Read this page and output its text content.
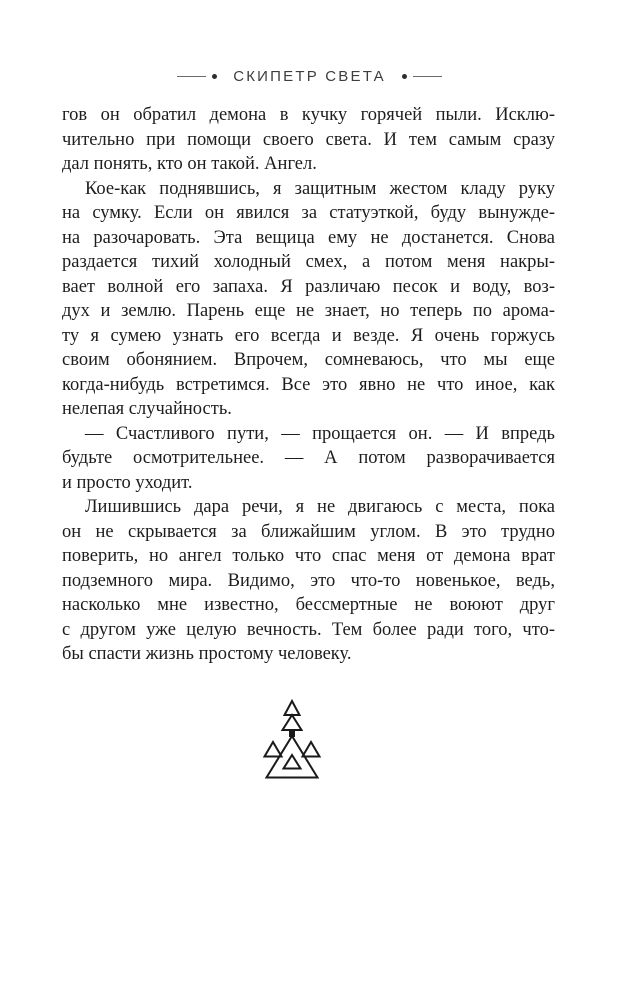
СКИПЕТР СВЕТА
гов он обратил демона в кучку горячей пыли. Исклю-
чительно при помощи своего света. И тем самым сразу
дал понять, кто он такой. Ангел.
Кое-как поднявшись, я защитным жестом кладу руку
на сумку. Если он явился за статуэткой, буду вынужде-
на разочаровать. Эта вещица ему не достанется. Снова
раздается тихий холодный смех, а потом меня накры-
вает волной его запаха. Я различаю песок и воду, воз-
дух и землю. Парень еще не знает, но теперь по арома-
ту я сумею узнать его всегда и везде. Я очень горжусь
своим обонянием. Впрочем, сомневаюсь, что мы еще
когда-нибудь встретимся. Все это явно не что иное, как
нелепая случайность.
— Счастливого пути, — прощается он. — И впредь
будьте осмотрительнее. — А потом разворачивается
и просто уходит.
Лишившись дара речи, я не двигаюсь с места, пока
он не скрывается за ближайшим углом. В это трудно
поверить, но ангел только что спас меня от демона врат
подземного мира. Видимо, это что-то новенькое, ведь,
насколько мне известно, бессмертные не воюют друг
с другом уже целую вечность. Тем более ради того, что-
бы спасти жизнь простому человеку.
